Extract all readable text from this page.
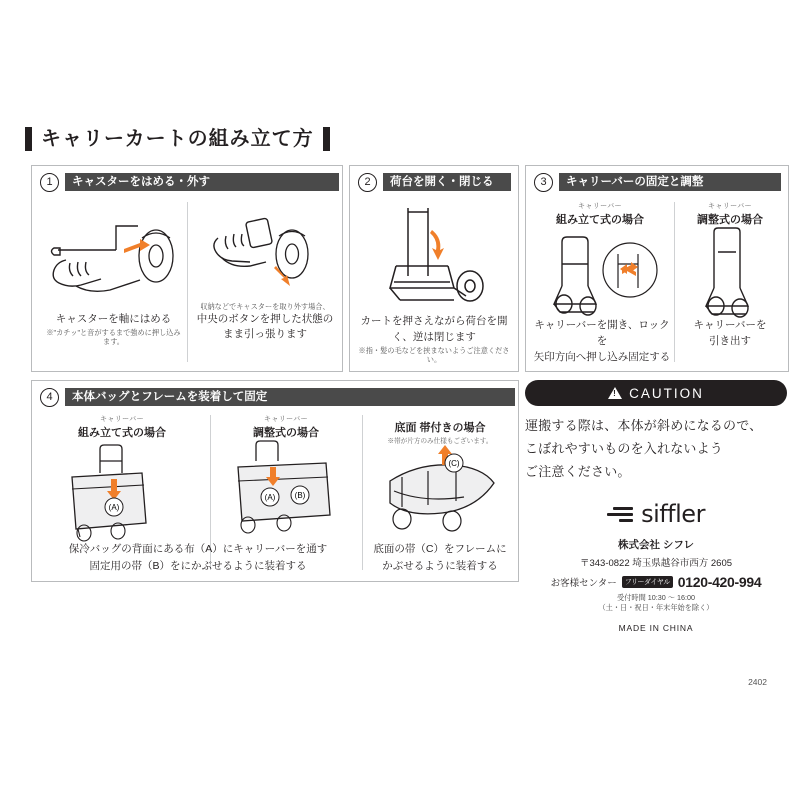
キャリーカートの組み立て方
1	キャスターをはめる・外す
キャスターを軸にはめる
※"カチッ"と音がするまで強めに押し込みます。
収納などでキャスターを取り外す場合、
中央のボタンを押した状態のまま引っ張ります
2	荷台を開く・閉じる
カートを押さえながら荷台を開く、逆は閉じます
※指・髪の毛などを挟まないようご注意ください。
3	キャリーバーの固定と調整
キャリーバー
組み立て式の場合
キャリーバー
調整式の場合
キャリーバーを開き、ロックを
矢印方向へ押し込み固定する
キャリーバーを
引き出す
4	本体バッグとフレームを装着して固定
キャリーバー
組み立て式の場合
キャリーバー
調整式の場合	底面 帯付きの場合
※帯が片方のみ仕様もございます。
(A)
(A) (B)
(C)
保冷バッグの背面にある布（A）にキャリーバーを通す
固定用の帯（B）をにかぶせるように装着する
底面の帯（C）をフレームに
かぶせるように装着する
! CAUTION
運搬する際は、本体が斜めになるので、
こぼれやすいものを入れないよう
ご注意ください。
siffler
株式会社 シフレ
〒343-0822 埼玉県越谷市西方 2605
お客様センター	フリーダイヤル 0120-420-994
受付時間 10:30 〜 16:00
（土・日・祝日・年末年始を除く）
MADE IN CHINA
2402
